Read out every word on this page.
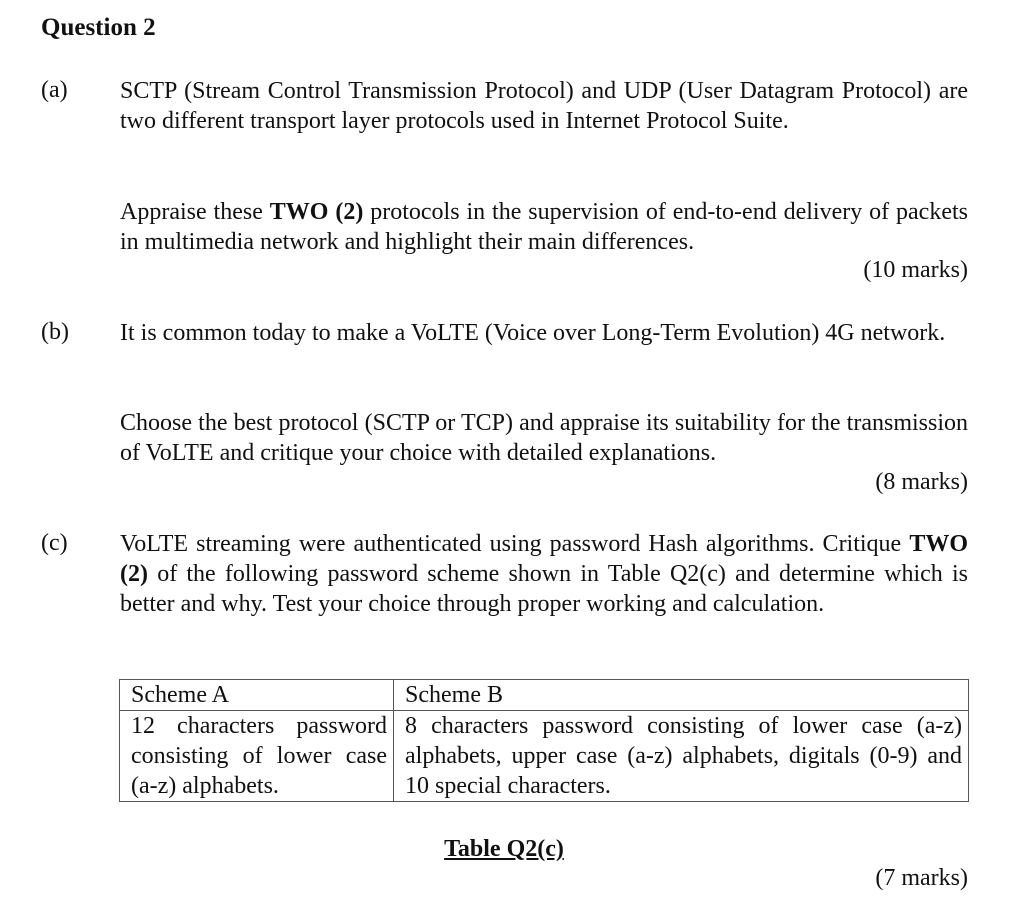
Question 2
(a) SCTP (Stream Control Transmission Protocol) and UDP (User Datagram Protocol) are two different transport layer protocols used in Internet Protocol Suite.
Appraise these TWO (2) protocols in the supervision of end-to-end delivery of packets in multimedia network and highlight their main differences.
(10 marks)
(b) It is common today to make a VoLTE (Voice over Long-Term Evolution) 4G network.
Choose the best protocol (SCTP or TCP) and appraise its suitability for the transmission of VoLTE and critique your choice with detailed explanations.
(8 marks)
(c) VoLTE streaming were authenticated using password Hash algorithms. Critique TWO (2) of the following password scheme shown in Table Q2(c) and determine which is better and why. Test your choice through proper working and calculation.
Scheme A	Scheme B
12 characters password consisting of lower case (a-z) alphabets.	8 characters password consisting of lower case (a-z) alphabets, upper case (a-z) alphabets, digitals (0-9) and 10 special characters.
Table Q2(c)
(7 marks)
